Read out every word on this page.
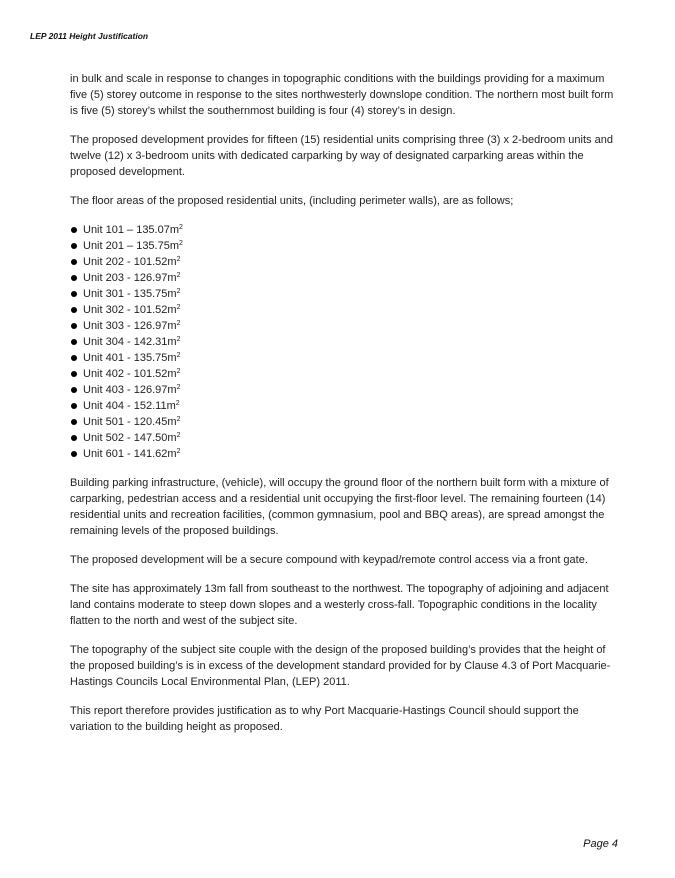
LEP 2011 Height Justification

in bulk and scale in response to changes in topographic conditions with the buildings providing for a maximum five (5) storey outcome in response to the sites northwesterly downslope condition. The northern most built form is five (5) storey’s whilst the southernmost building is four (4) storey’s in design.

The proposed development provides for fifteen (15) residential units comprising three (3) x 2-bedroom units and twelve (12) x 3-bedroom units with dedicated carparking by way of designated carparking areas within the proposed development.

The floor areas of the proposed residential units, (including perimeter walls), are as follows;

Unit $101 - 135.07m^2$
Unit $201 - 135.75m^2$
Unit $202 - 101.52m^2$
Unit $203 - 126.97m^2$
Unit $301 - 135.75m^2$
Unit $302 - 101.52m^2$
Unit $303 - 126.97m^2$
Unit $304 - 142.31m^2$
Unit $401 - 135.75m^2$
Unit $402 - 101.52m^2$
Unit $403 - 126.97m^2$
Unit $404 - 152.11m^2$
Unit $501 - 120.45m^2$
Unit $502 - 147.50m^2$
Unit $601 - 141.62m^2$

Building parking infrastructure, (vehicle), will occupy the ground floor of the northern built form with a mixture of carparking, pedestrian access and a residential unit occupying the first-floor level. The remaining fourteen (14) residential units and recreation facilities, (common gymnasium, pool and BBQ areas), are spread amongst the remaining levels of the proposed buildings.

The proposed development will be a secure compound with keypad/remote control access via a front gate.

The site has approximately 13m fall from southeast to the northwest. The topography of adjoining and adjacent land contains moderate to steep down slopes and a westerly cross-fall. Topographic conditions in the locality flatten to the north and west of the subject site.

The topography of the subject site couple with the design of the proposed building’s provides that the height of the proposed building’s is in excess of the development standard provided for by Clause 4.3 of Port Macquarie-Hastings Councils Local Environmental Plan, (LEP) 2011.

This report therefore provides justification as to why Port Macquarie-Hastings Council should support the variation to the building height as proposed.

Page 4
